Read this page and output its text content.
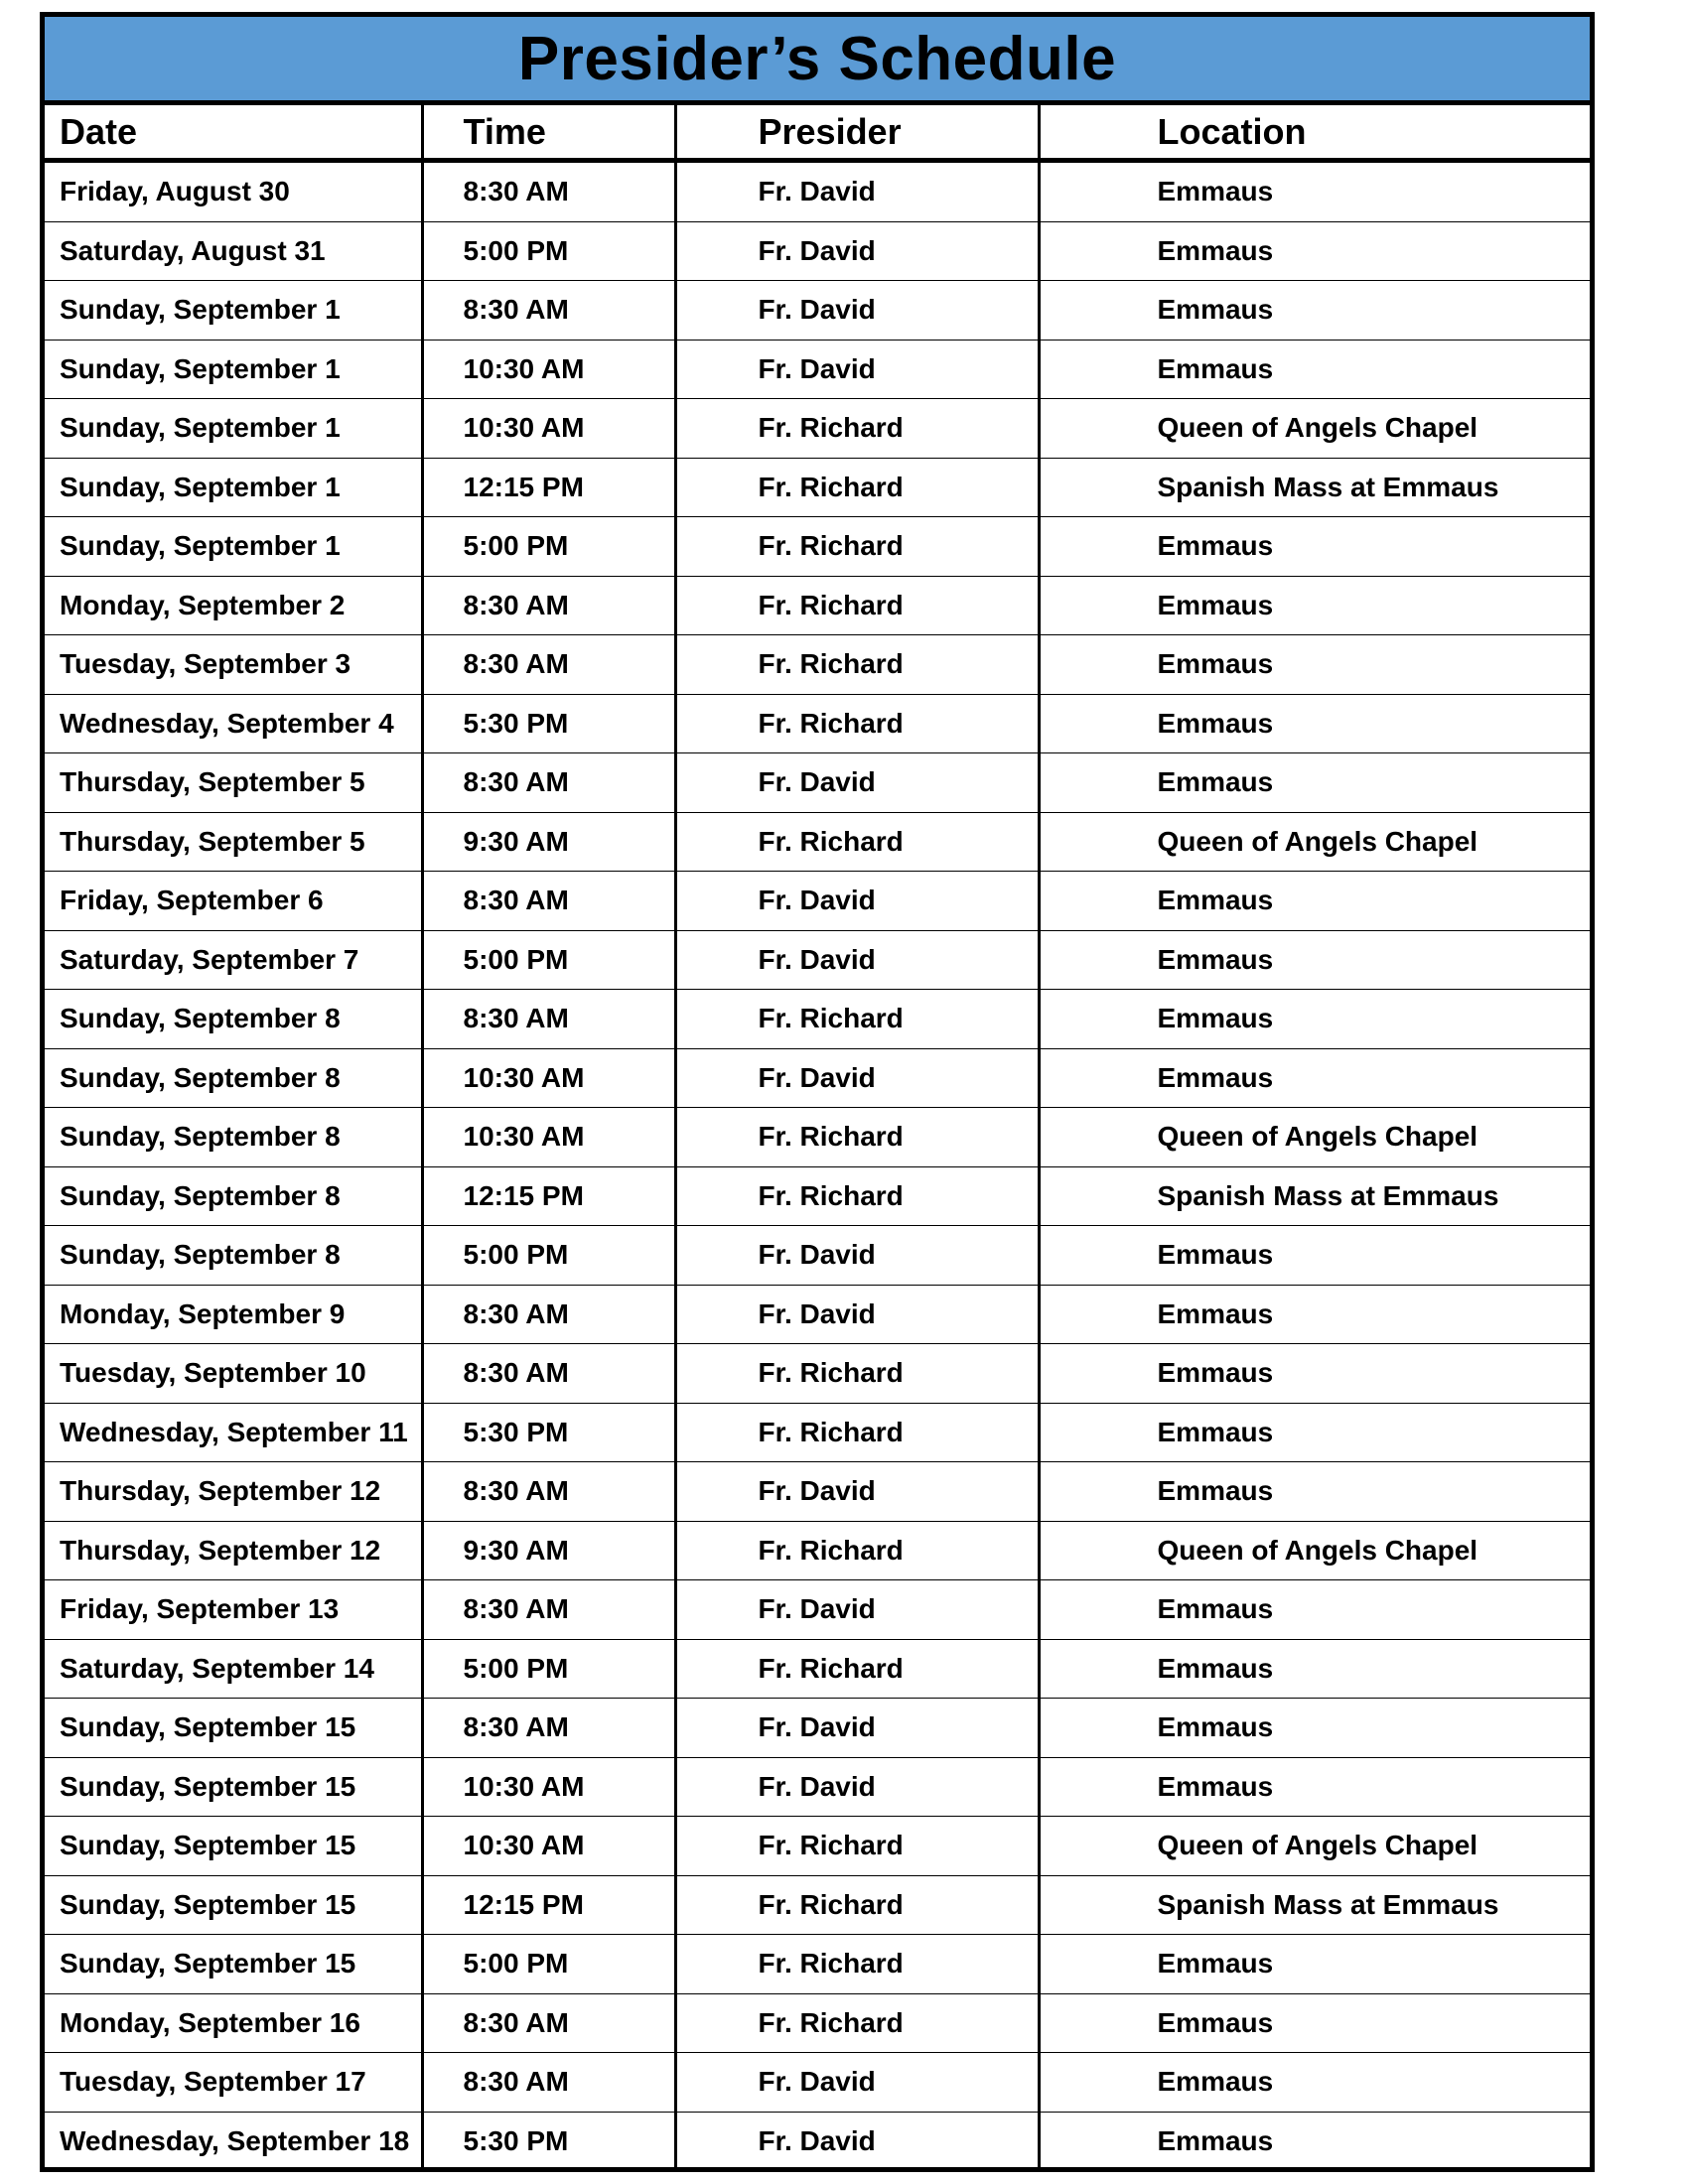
Presider’s Schedule
Date	Time	Presider	Location
Friday, August 30	8:30 AM	Fr. David	Emmaus
Saturday, August 31	5:00 PM	Fr. David	Emmaus
Sunday, September 1	8:30 AM	Fr. David	Emmaus
Sunday, September 1	10:30 AM	Fr. David	Emmaus
Sunday, September 1	10:30 AM	Fr. Richard	Queen of Angels Chapel
Sunday, September 1	12:15 PM	Fr. Richard	Spanish Mass at Emmaus
Sunday, September 1	5:00 PM	Fr. Richard	Emmaus
Monday, September 2	8:30 AM	Fr. Richard	Emmaus
Tuesday, September 3	8:30 AM	Fr. Richard	Emmaus
Wednesday, September 4	5:30 PM	Fr. Richard	Emmaus
Thursday, September 5	8:30 AM	Fr. David	Emmaus
Thursday, September 5	9:30 AM	Fr. Richard	Queen of Angels Chapel
Friday, September 6	8:30 AM	Fr. David	Emmaus
Saturday, September 7	5:00 PM	Fr. David	Emmaus
Sunday, September 8	8:30 AM	Fr. Richard	Emmaus
Sunday, September 8	10:30 AM	Fr. David	Emmaus
Sunday, September 8	10:30 AM	Fr. Richard	Queen of Angels Chapel
Sunday, September 8	12:15 PM	Fr. Richard	Spanish Mass at Emmaus
Sunday, September 8	5:00 PM	Fr. David	Emmaus
Monday, September 9	8:30 AM	Fr. David	Emmaus
Tuesday, September 10	8:30 AM	Fr. Richard	Emmaus
Wednesday, September 11	5:30 PM	Fr. Richard	Emmaus
Thursday, September 12	8:30 AM	Fr. David	Emmaus
Thursday, September 12	9:30 AM	Fr. Richard	Queen of Angels Chapel
Friday, September 13	8:30 AM	Fr. David	Emmaus
Saturday, September 14	5:00 PM	Fr. Richard	Emmaus
Sunday, September 15	8:30 AM	Fr. David	Emmaus
Sunday, September 15	10:30 AM	Fr. David	Emmaus
Sunday, September 15	10:30 AM	Fr. Richard	Queen of Angels Chapel
Sunday, September 15	12:15 PM	Fr. Richard	Spanish Mass at Emmaus
Sunday, September 15	5:00 PM	Fr. Richard	Emmaus
Monday, September 16	8:30 AM	Fr. Richard	Emmaus
Tuesday, September 17	8:30 AM	Fr. David	Emmaus
Wednesday, September 18	5:30 PM	Fr. David	Emmaus
